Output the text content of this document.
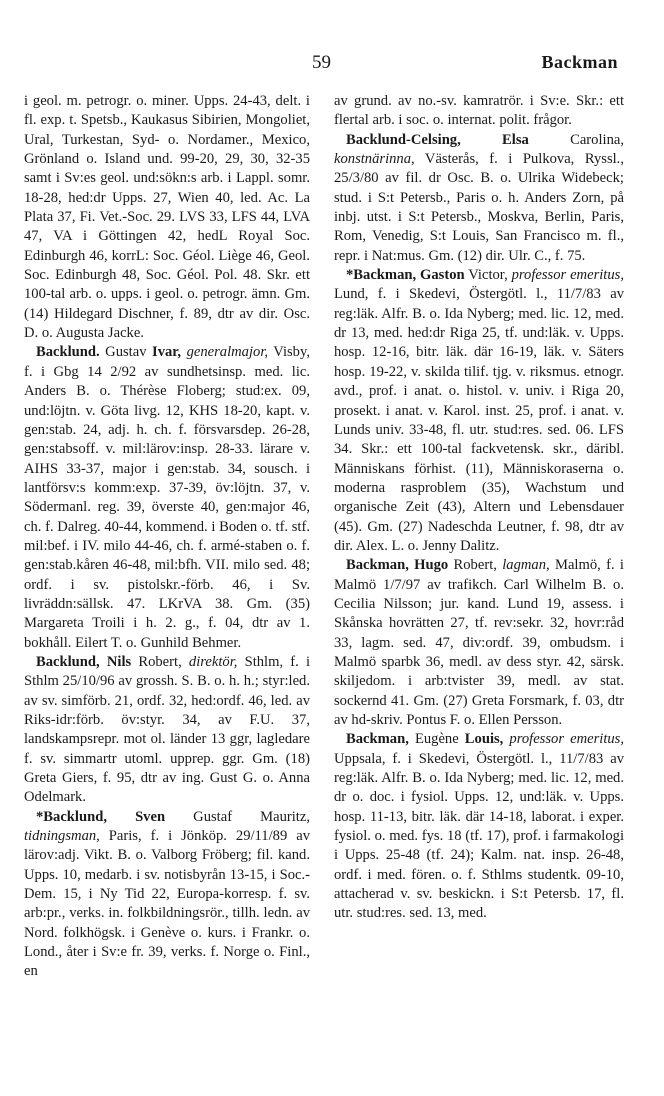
59	Backman

i geol. m. petrogr. o. miner. Upps. 24-43, delt. i fl. exp. t. Spetsb., Kaukasus Sibirien, Mongoliet, Ural, Turkestan, Syd- o. Nordamer., Mexico, Grönland o. Island und. 99-20, 29, 30, 32-35 samt i Sv:es geol. und:sökn:s arb. i Lappl. somr. 18-28, hed:dr Upps. 27, Wien 40, led. Ac. La Plata 37, Fi. Vet.-Soc. 29. LVS 33, LFS 44, LVA 47, VA i Göttingen 42, hedL Royal Soc. Edinburgh 46, korrL: Soc. Géol. Liège 46, Geol. Soc. Edinburgh 48, Soc. Géol. Pol. 48. Skr. ett 100-tal arb. o. upps. i geol. o. petrogr. ämn. Gm. (14) Hildegard Dischner, f. 89, dtr av dir. Osc. D. o. Augusta Jacke.

Backlund. Gustav Ivar, generalmajor, Visby, f. i Gbg 14 2/92 av sundhetsinsp. med. lic. Anders B. o. Thérèse Floberg; stud:ex. 09, und:löjtn. v. Göta livg. 12, KHS 18-20, kapt. v. gen:stab. 24, adj. h. ch. f. försvarsdep. 26-28, gen:stabsoff. v. mil:lärov:insp. 28-33. lärare v. AIHS 33-37, major i gen:stab. 34, sousch. i lantförsv:s komm:exp. 37-39, öv:löjtn. 37, v. Södermanl. reg. 39, överste 40, gen:major 46, ch. f. Dalreg. 40-44, kommend. i Boden o. tf. stf. mil:bef. i IV. milo 44-46, ch. f. armé-staben o. f. gen:stab.kåren 46-48, mil:bfh. VII. milo sed. 48; ordf. i sv. pistolskr.-förb. 46, i Sv. livräddn:sällsk. 47. LKrVA 38. Gm. (35) Margareta Troili i h. 2. g., f. 04, dtr av 1. bokhåll. Eilert T. o. Gunhild Behmer.

Backlund, Nils Robert, direktör, Sthlm, f. i Sthlm 25/10/96 av grossh. S. B. o. h. h.; styr:led. av sv. simförb. 21, ordf. 32, hed:ordf. 46, led. av Riks-idr:förb. öv:styr. 34, av F.U. 37, landskampsrepr. mot ol. länder 13 ggr, lagledare f. sv. simmartr utoml. upprep. ggr. Gm. (18) Greta Giers, f. 95, dtr av ing. Gust G. o. Anna Odelmark.

*Backlund, Sven Gustaf Mauritz, tidningsman, Paris, f. i Jönköp. 29/11/89 av lärov:adj. Vikt. B. o. Valborg Fröberg; fil. kand. Upps. 10, medarb. i sv. notisbyrån 13-15, i Soc.-Dem. 15, i Ny Tid 22, Europa-korresp. f. sv. arb:pr., verks. in. folkbildningsrör., tillh. ledn. av Nord. folkhögsk. i Genève o. kurs. i Frankr. o. Lond., åter i Sv:e fr. 39, verks. f. Norge o. Finl., en

av grund. av no.-sv. kamratrör. i Sv:e. Skr.: ett flertal arb. i soc. o. internat. polit. frågor.

Backlund-Celsing,	Elsa	Carolina, konstnärinna, Västerås, f. i Pulkova, Ryssl., 25/3/80 av fil. dr Osc. B. o. Ulrika Widebeck; stud. i S:t Petersb., Paris o. h. Anders Zorn, på inbj. utst. i S:t Petersb., Moskva, Berlin, Paris, Rom, Venedig, S:t Louis, San Francisco m. fl., repr. i Nat:mus. Gm. (12) dir. Ulr. C., f. 75.

*Backman, Gaston Victor, professor emeritus, Lund, f. i Skedevi, Östergötl. l., 11/7/83 av reg:läk. Alfr. B. o. Ida Nyberg; med. lic. 12, med. dr 13, med. hed:dr Riga 25, tf. und:läk. v. Upps. hosp. 12-16, bitr. läk. där 16-19, läk. v. Säters hosp. 19-22, v. skilda tilif. tjg. v. riksmus. etnogr. avd., prof. i anat. o. histol. v. univ. i Riga 20, prosekt. i anat. v. Karol. inst. 25, prof. i anat. v. Lunds univ. 33-48, fl. utr. stud:res. sed. 06. LFS 34. Skr.: ett 100-tal fackvetensk. skr., däribl. Människans förhist. (11), Människoraserna o. moderna rasproblem (35), Wachstum und organische Zeit (43), Altern und Lebensdauer (45). Gm. (27) Nadeschda Leutner, f. 98, dtr av dir. Alex. L. o. Jenny Dalitz.

Backman, Hugo Robert, lagman, Malmö, f. i Malmö 1/7/97 av trafikch. Carl Wilhelm B. o. Cecilia Nilsson; jur. kand. Lund 19, assess. i Skånska hovrätten 27, tf. rev:sekr. 32, hovr:råd 33, lagm. sed. 47, div:ordf. 39, ombudsm. i Malmö sparbk 36, medl. av dess styr. 42, särsk. skiljedom. i arb:tvister 39, medl. av stat. sockernd 41. Gm. (27) Greta Forsmark, f. 03, dtr av hd-skriv. Pontus F. o. Ellen Persson.

Backman, Eugène Louis, professor emeritus, Uppsala, f. i Skedevi, Östergötl. l., 11/7/83 av reg:läk. Alfr. B. o. Ida Nyberg; med. lic. 12, med. dr o. doc. i fysiol. Upps. 12, und:läk. v. Upps. hosp. 11-13, bitr. läk. där 14-18, laborat. i exper. fysiol. o. med. fys. 18 (tf. 17), prof. i farmakologi i Upps. 25-48 (tf. 24); Kalm. nat. insp. 26-48, ordf. i med. fören. o. f. Sthlms studentk. 09-10, attacherad v. sv. beskickn. i S:t Petersb. 17, fl. utr. stud:res. sed. 13, med.
